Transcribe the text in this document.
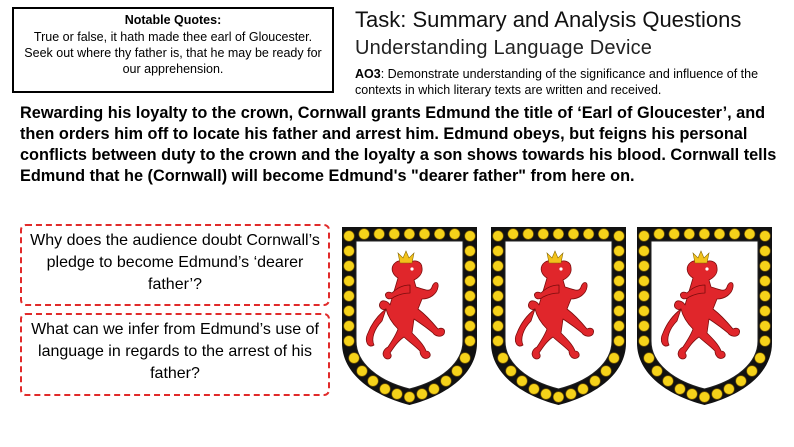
Notable Quotes:
True or false, it hath made thee earl of Gloucester. Seek out where thy father is, that he may be ready for our apprehension.
Task: Summary and Analysis Questions
Understanding Language Device
AO3: Demonstrate understanding of the significance and influence of the contexts in which literary texts are written and received.
Rewarding his loyalty to the crown, Cornwall grants Edmund the title of ‘Earl of Gloucester’, and then orders him off to locate his father and arrest him. Edmund obeys, but feigns his personal conflicts between duty to the crown and the loyalty a son shows towards his blood. Cornwall tells Edmund that he (Cornwall) will become Edmund's "dearer father" from here on.
Why does the audience doubt Cornwall’s pledge to become Edmund’s ‘dearer father’?
What can we infer from Edmund’s use of language in regards to the arrest of his father?
